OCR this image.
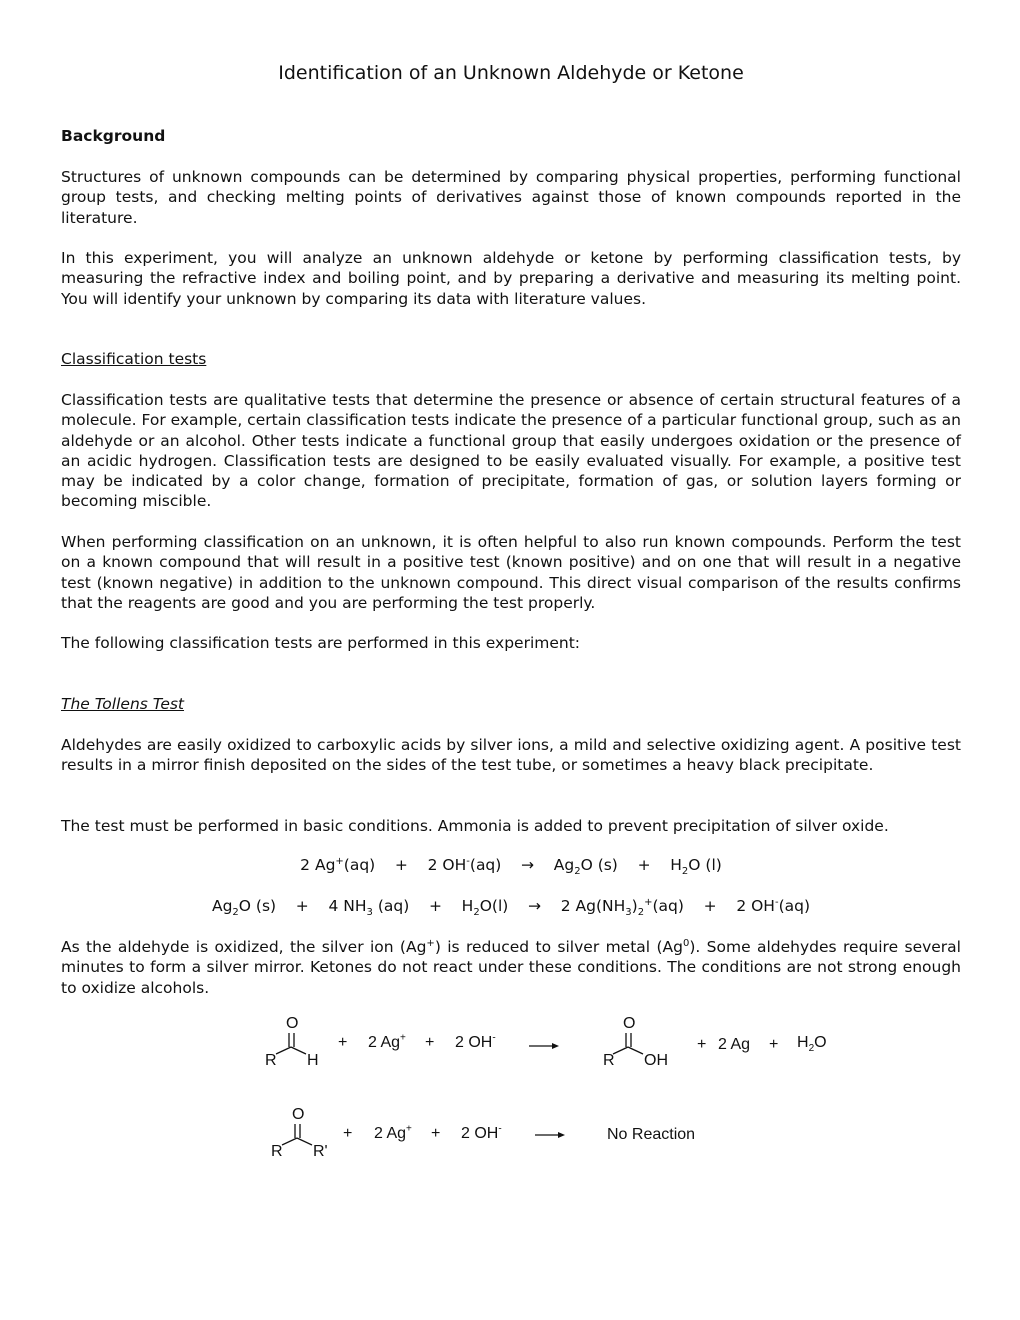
Identification of an Unknown Aldehyde or Ketone
Background
Structures of unknown compounds can be determined by comparing physical properties, performing functional group tests, and checking melting points of derivatives against those of known compounds reported in the literature.
In this experiment, you will analyze an unknown aldehyde or ketone by performing classification tests, by measuring the refractive index and boiling point, and by preparing a derivative and measuring its melting point. You will identify your unknown by comparing its data with literature values.
Classification tests
Classification tests are qualitative tests that determine the presence or absence of certain structural features of a molecule. For example, certain classification tests indicate the presence of a particular functional group, such as an aldehyde or an alcohol. Other tests indicate a functional group that easily undergoes oxidation or the presence of an acidic hydrogen. Classification tests are designed to be easily evaluated visually. For example, a positive test may be indicated by a color change, formation of precipitate, formation of gas, or solution layers forming or becoming miscible.
When performing classification on an unknown, it is often helpful to also run known compounds. Perform the test on a known compound that will result in a positive test (known positive) and on one that will result in a negative test (known negative) in addition to the unknown compound. This direct visual comparison of the results confirms that the reagents are good and you are performing the test properly.
The following classification tests are performed in this experiment:
The Tollens Test
Aldehydes are easily oxidized to carboxylic acids by silver ions, a mild and selective oxidizing agent. A positive test results in a mirror finish deposited on the sides of the test tube, or sometimes a heavy black precipitate.
The test must be performed in basic conditions. Ammonia is added to prevent precipitation of silver oxide.
2 Ag+(aq)    +    2 OH-(aq)    →    $Ag_2O$ (s)    +    $H_2O$ (l)
$Ag_2O$ (s)    +    4 $NH_3$ (aq)    +    $H_2O(l)$    →    2 $Ag(NH_3)_2^+(aq)$    +    2 OH-(aq)
As the aldehyde is oxidized, the silver ion (Ag+) is reduced to silver metal (Ag$^0$). Some aldehydes require several minutes to form a silver mirror. Ketones do not react under these conditions. The conditions are not strong enough to oxidize alcohols.
O
R H
+ 2 Ag+ + 2 OH-
O
R OH
+ 2 $Ag + H_2O$
O
R R'
+ 2 Ag+ + 2 OH-	No Reaction
